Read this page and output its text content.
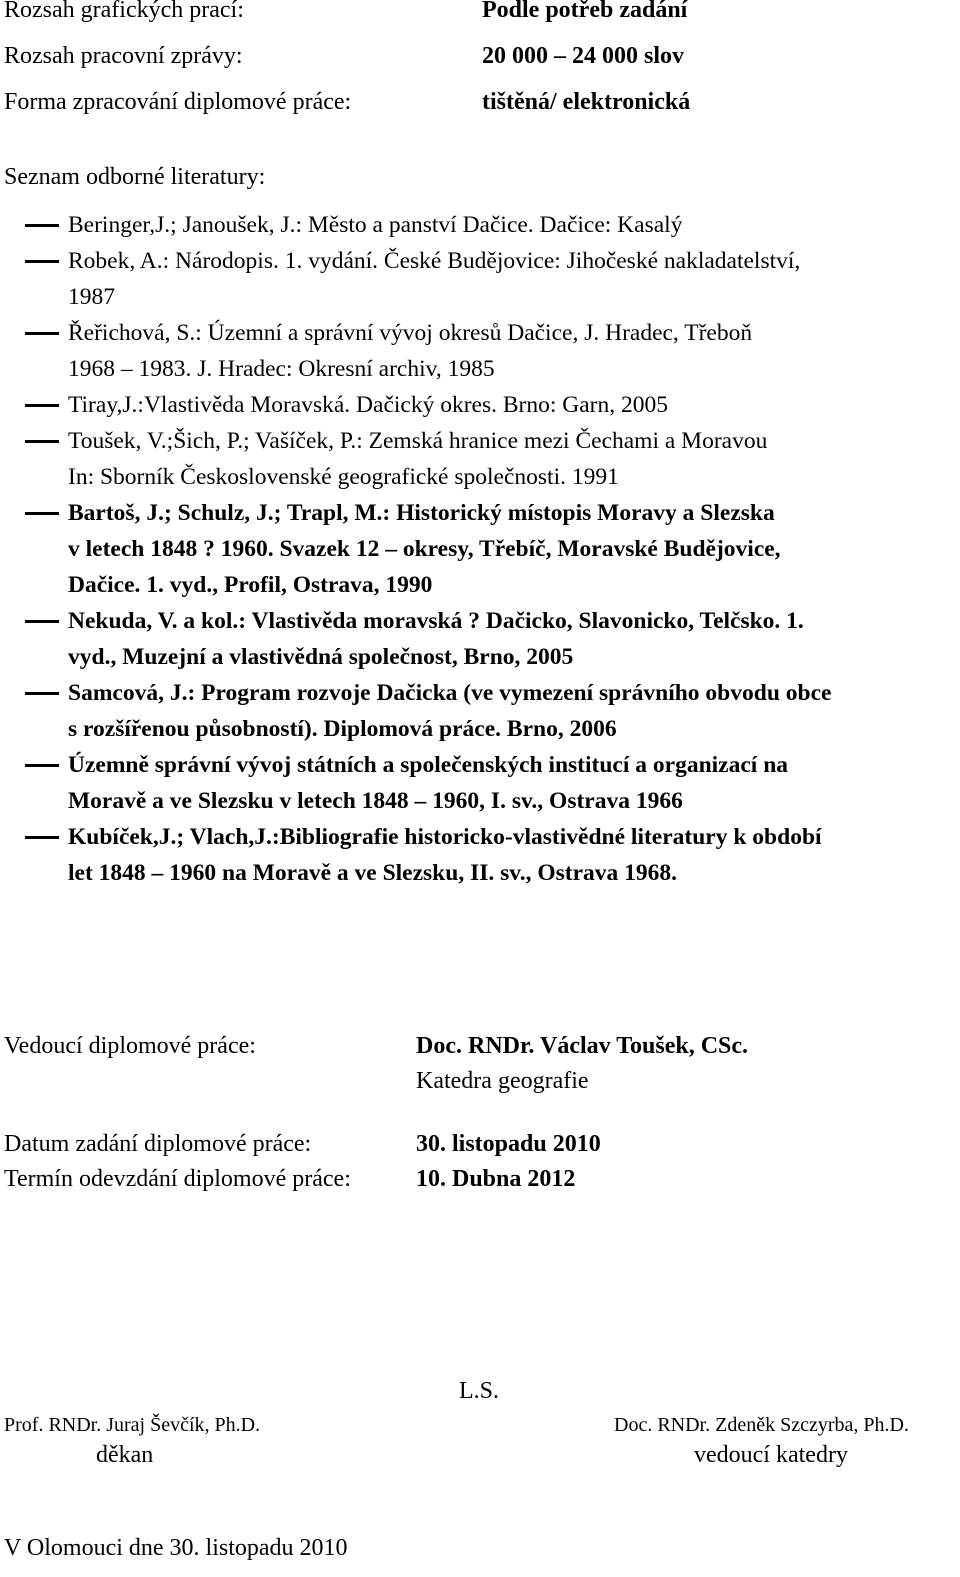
Rozsah grafických prací:	Podle potřeb zadání
Rozsah pracovní zprávy:	20 000 – 24 000 slov
Forma zpracování diplomové práce:	tištěná/ elektronická
Seznam odborné literatury:
Beringer,J.; Janoušek, J.: Město a panství Dačice. Dačice: Kasalý
Robek, A.: Národopis. 1. vydání. České Budějovice: Jihočeské nakladatelství,
1987
Řeřichová, S.: Územní a správní vývoj okresů Dačice, J. Hradec, Třeboň
1968 – 1983. J. Hradec: Okresní archiv, 1985
Tiray,J.:Vlastivěda Moravská. Dačický okres. Brno: Garn, 2005
Toušek, V.;Šich, P.; Vašíček, P.: Zemská hranice mezi Čechami a Moravou
In: Sborník Československé geografické společnosti. 1991
Bartoš, J.; Schulz, J.; Trapl, M.: Historický místopis Moravy a Slezska
v letech 1848 ? 1960. Svazek 12 – okresy, Třebíč, Moravské Budějovice,
Dačice. 1. vyd., Profil, Ostrava, 1990
Nekuda, V. a kol.: Vlastivěda moravská ? Dačicko, Slavonicko, Telčsko. 1.
vyd., Muzejní a vlastivědná společnost, Brno, 2005
Samcová, J.: Program rozvoje Dačicka (ve vymezení správního obvodu obce
s rozšířenou působností). Diplomová práce. Brno, 2006
Územně správní vývoj státních a společenských institucí a organizací na
Moravě a ve Slezsku v letech 1848 – 1960, I. sv., Ostrava 1966
Kubíček,J.; Vlach,J.:Bibliografie historicko-vlastivědné literatury k období
let 1848 – 1960 na Moravě a ve Slezsku, II. sv., Ostrava 1968.
Vedoucí diplomové práce:	Doc. RNDr. Václav Toušek, CSc.
Katedra geografie
Datum zadání diplomové práce:	30. listopadu 2010
Termín odevzdání diplomové práce:	10. Dubna 2012
L.S.
Prof. RNDr. Juraj Ševčík, Ph.D.
děkan
Doc. RNDr. Zdeněk Szczyrba, Ph.D.
vedoucí katedry
V Olomouci dne 30. listopadu 2010
